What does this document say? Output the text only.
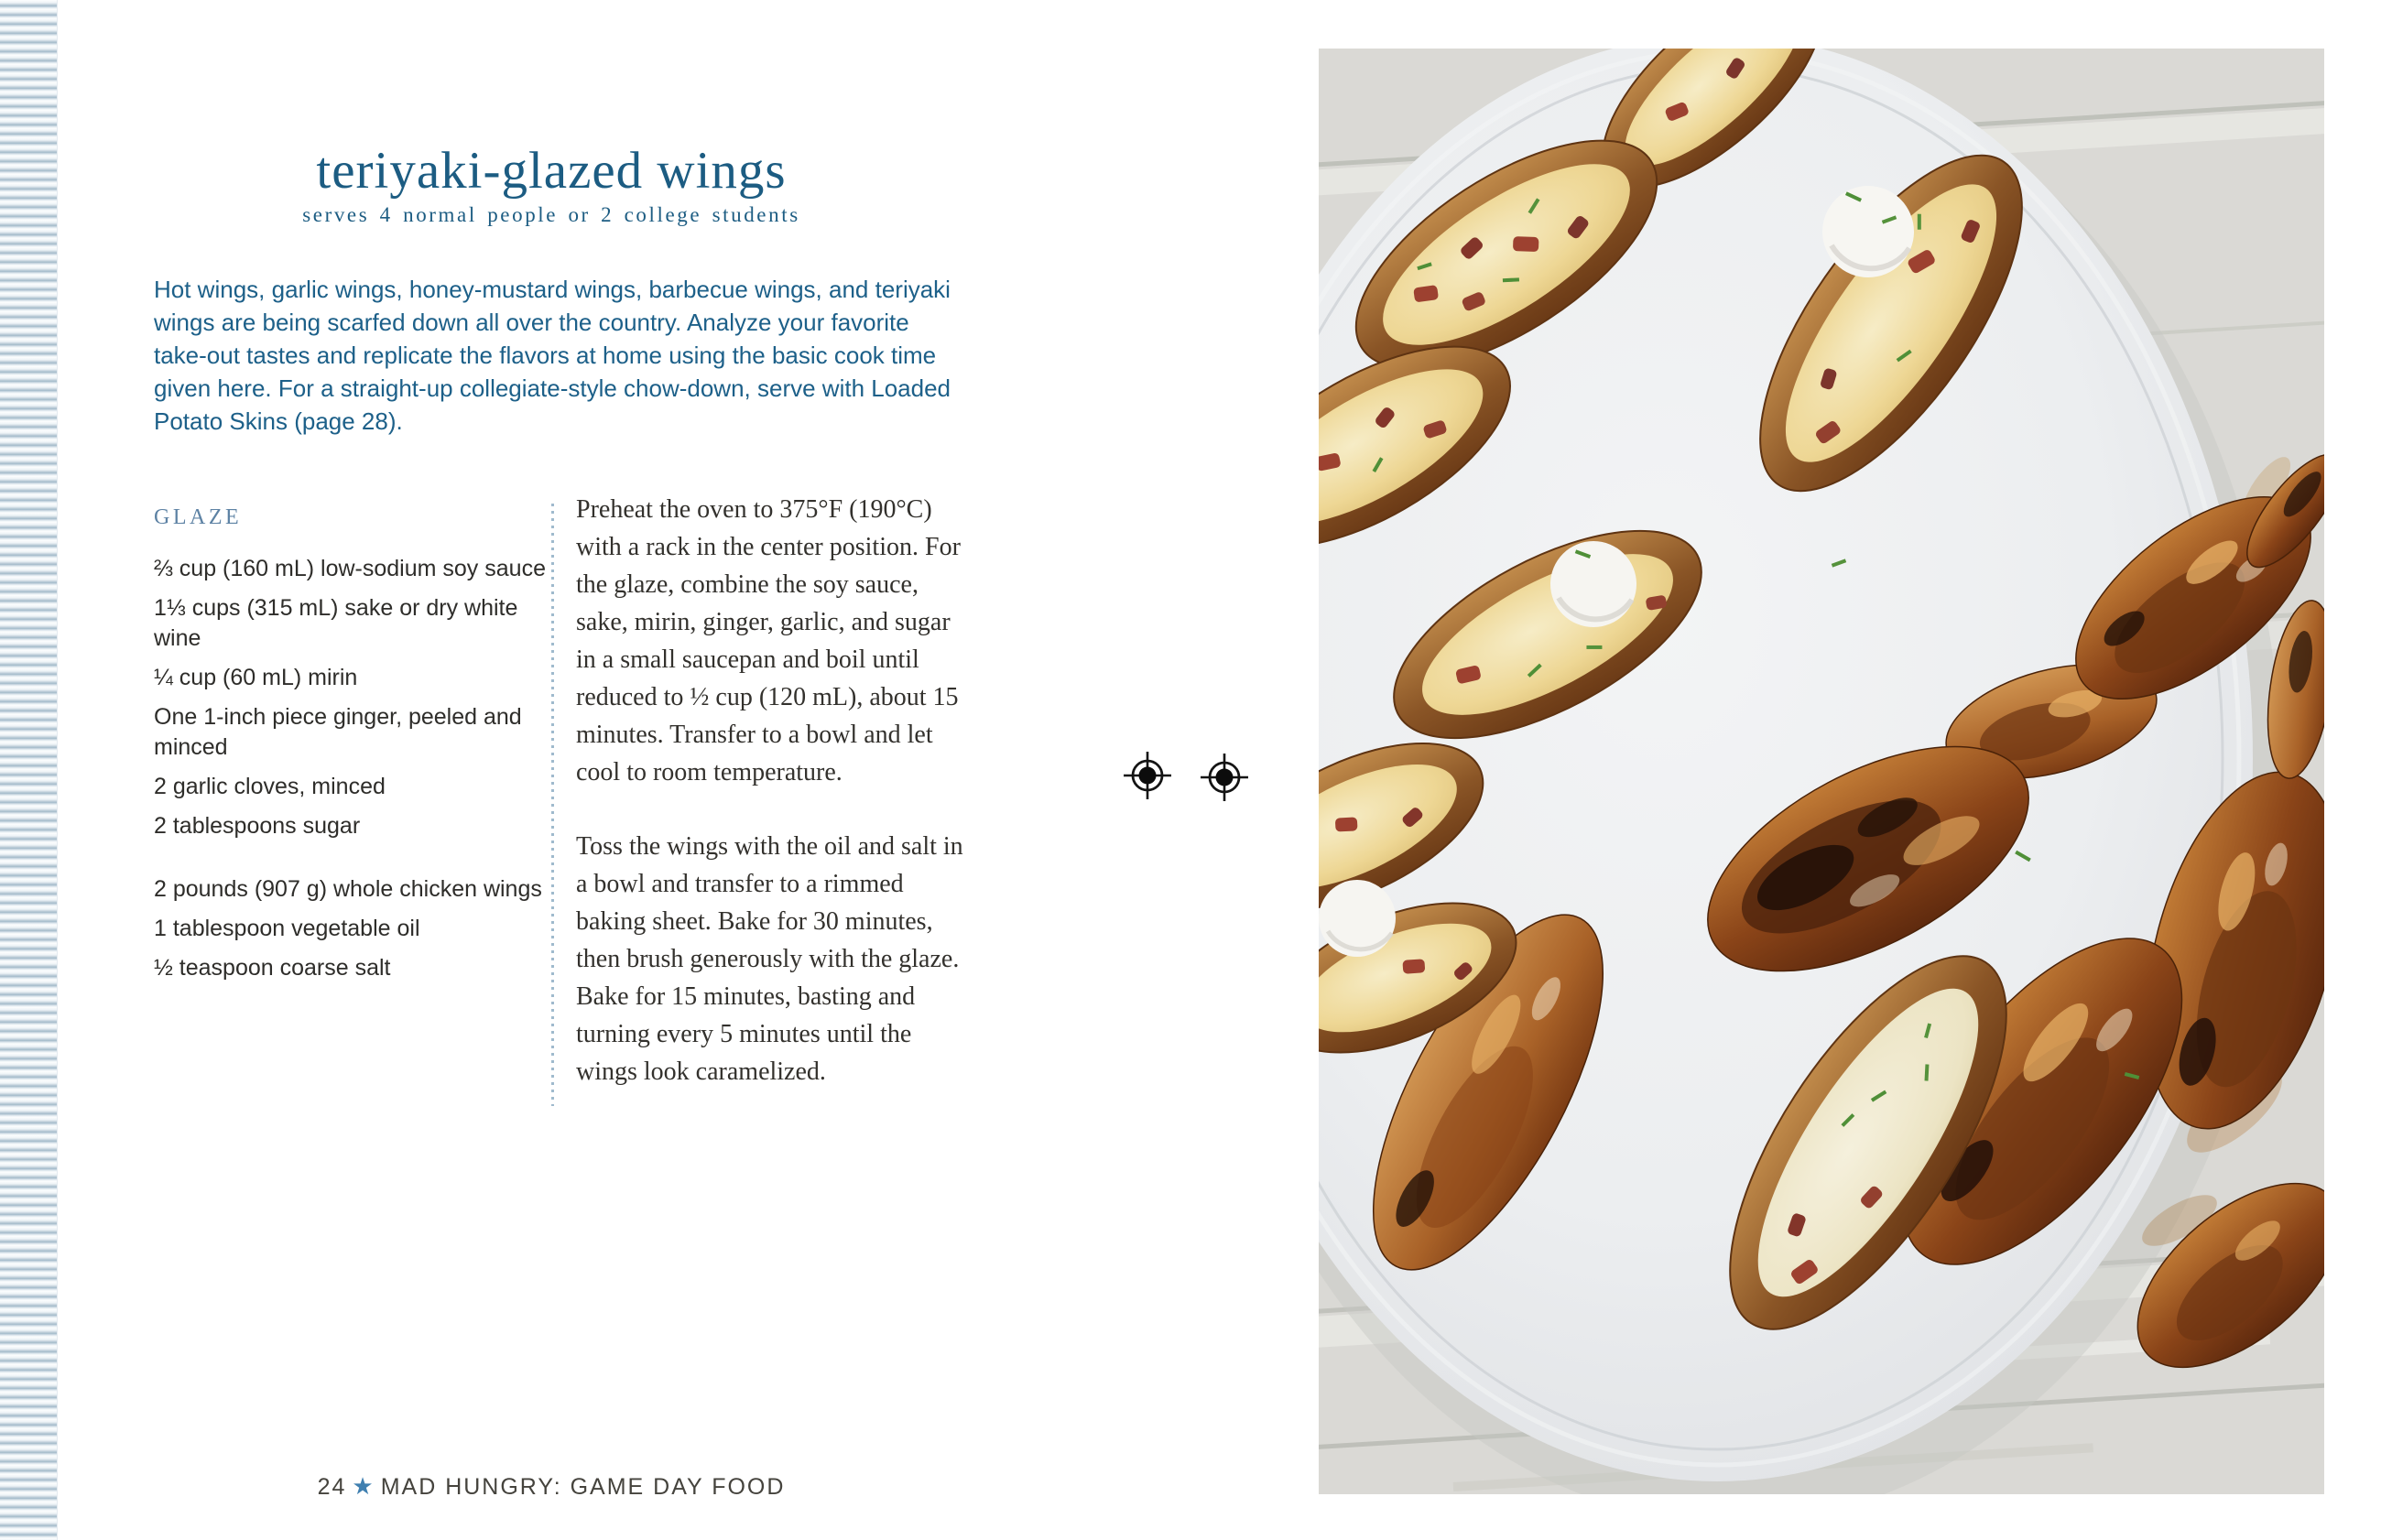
teriyaki-glazed wings
serves 4 normal people or 2 college students
Hot wings, garlic wings, honey-mustard wings, barbecue wings, and teriyaki wings are being scarfed down all over the country. Analyze your favorite take-out tastes and replicate the flavors at home using the basic cook time given here. For a straight-up collegiate-style chow-down, serve with Loaded Potato Skins (page 28).
GLAZE
⅔ cup (160 mL) low-sodium soy sauce
1⅓ cups (315 mL) sake or dry white wine
¼ cup (60 mL) mirin
One 1-inch piece ginger, peeled and minced
2 garlic cloves, minced
2 tablespoons sugar
2 pounds (907 g) whole chicken wings
1 tablespoon vegetable oil
½ teaspoon coarse salt

Preheat the oven to 375°F (190°C) with a rack in the center position. For the glaze, combine the soy sauce, sake, mirin, ginger, garlic, and sugar in a small saucepan and boil until reduced to ½ cup (120 mL), about 15 minutes. Transfer to a bowl and let cool to room temperature.

Toss the wings with the oil and salt in a bowl and transfer to a rimmed baking sheet. Bake for 30 minutes, then brush generously with the glaze. Bake for 15 minutes, basting and turning every 5 minutes until the wings look caramelized.

24 ★ MAD HUNGRY: GAME DAY FOOD
